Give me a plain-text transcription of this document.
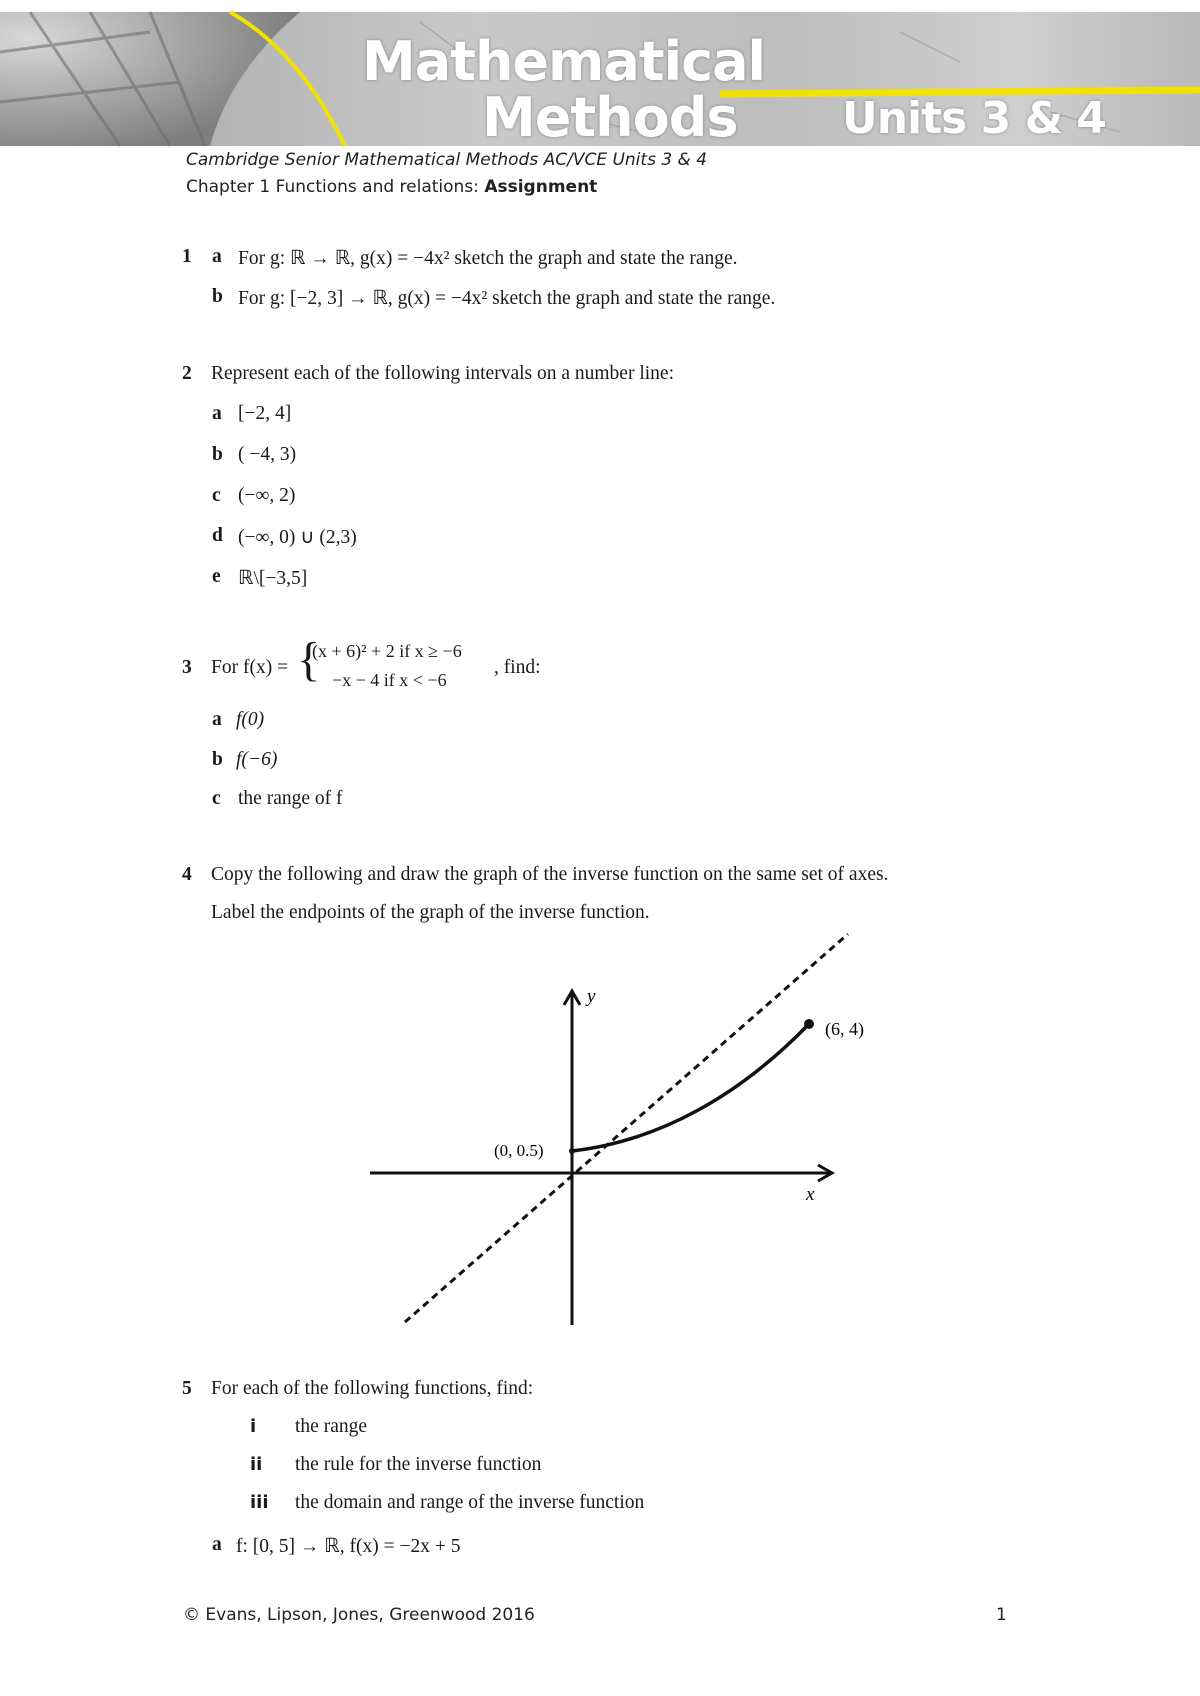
Mathematical
Methods	Units 3 & 4
Cambridge Senior Mathematical Methods AC/VCE Units 3 & 4
Chapter 1 Functions and relations: Assignment
1 a For g: ℝ → ℝ, g(x) = −4x² sketch the graph and state the range.
b For g: [−2, 3] → ℝ, g(x) = −4x² sketch the graph and state the range.
2 Represent each of the following intervals on a number line:
a [−2, 4]
b ( −4, 3)
c (−∞, 2)
d (−∞, 0) ∪ (2,3)
e ℝ\[−3,5]
3 For f(x) = {
(x + 6)² + 2 if x ≥ −6
−x − 4 if x < −6
, find:
a f(0)
b f(−6)
c the range of f
4 Copy the following and draw the graph of the inverse function on the same set of axes.
Label the endpoints of the graph of the inverse function.
y
x
(0, 0.5)
(6, 4)
5 For each of the following functions, find:
i the range
ii the rule for the inverse function
iii the domain and range of the inverse function
a f: [0, 5] → ℝ, f(x) = −2x + 5
© Evans, Lipson, Jones, Greenwood 2016	1
